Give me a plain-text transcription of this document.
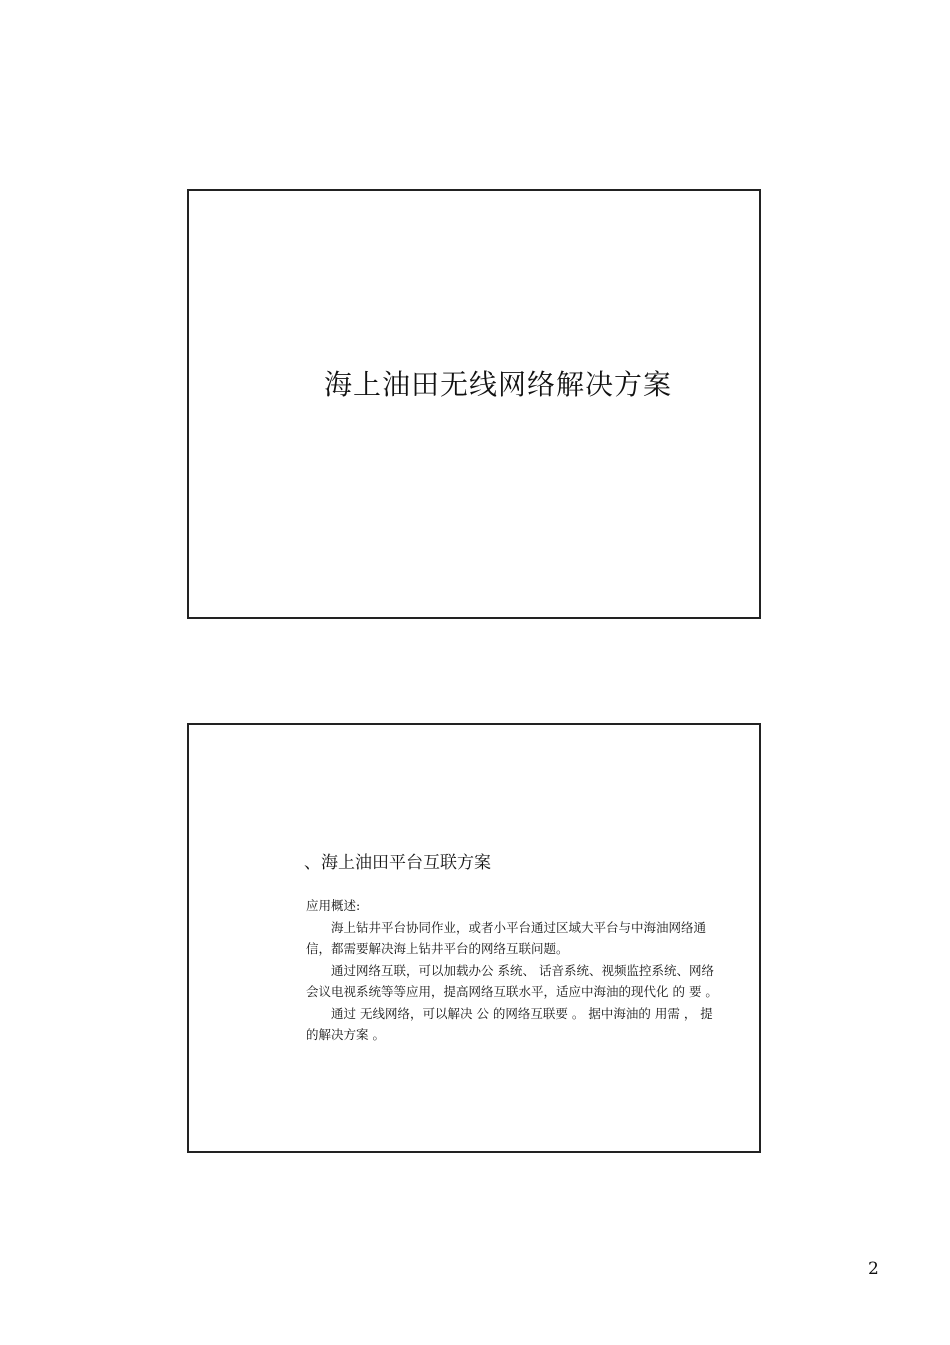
海上油田无线网络解决方案
、海上油田平台互联方案

应用概述:

海上钻井平台协同作业，或者小平台通过区域大平台与中海油网络通信，都需要解决海上钻井平台的网络互联问题。

通过网络互联，可以加载办公 系统、 话音系统、视频监控系统、网络会议电视系统等等应用，提高网络互联水平，适应中海油的现代化 的 要 。

通过 无线网络，可以解决 公 的网络互联要 。 据中海油的 用需 ， 提 的解决方案 。

2
